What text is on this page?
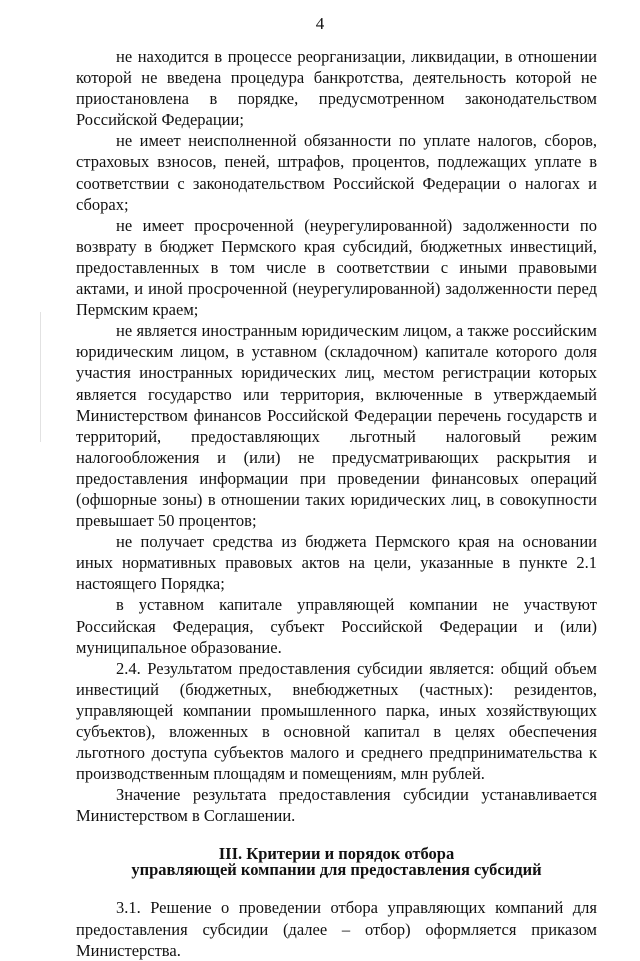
4

не находится в процессе реорганизации, ликвидации, в отношении которой не введена процедура банкротства, деятельность которой не приостановлена в порядке, предусмотренном законодательством Российской Федерации;

не имеет неисполненной обязанности по уплате налогов, сборов, страховых взносов, пеней, штрафов, процентов, подлежащих уплате в соответствии с законодательством Российской Федерации о налогах и сборах;

не имеет просроченной (неурегулированной) задолженности по возврату в бюджет Пермского края субсидий, бюджетных инвестиций, предоставленных в том числе в соответствии с иными правовыми актами, и иной просроченной (неурегулированной) задолженности перед Пермским краем;

не является иностранным юридическим лицом, а также российским юридическим лицом, в уставном (складочном) капитале которого доля участия иностранных юридических лиц, местом регистрации которых является государство или территория, включенные в утверждаемый Министерством финансов Российской Федерации перечень государств и территорий, предоставляющих льготный налоговый режим налогообложения и (или) не предусматривающих раскрытия и предоставления информации при проведении финансовых операций (офшорные зоны) в отношении таких юридических лиц, в совокупности превышает 50 процентов;

не получает средства из бюджета Пермского края на основании иных нормативных правовых актов на цели, указанные в пункте 2.1 настоящего Порядка;

в уставном капитале управляющей компании не участвуют Российская Федерация, субъект Российской Федерации и (или) муниципальное образование.

2.4. Результатом предоставления субсидии является: общий объем инвестиций (бюджетных, внебюджетных (частных): резидентов, управляющей компании промышленного парка, иных хозяйствующих субъектов), вложенных в основной капитал в целях обеспечения льготного доступа субъектов малого и среднего предпринимательства к производственным площадям и помещениям, млн рублей.

Значение результата предоставления субсидии устанавливается Министерством в Соглашении.

III. Критерии и порядок отбора
управляющей компании для предоставления субсидий

3.1. Решение о проведении отбора управляющих компаний для предоставления субсидии (далее – отбор) оформляется приказом Министерства.
